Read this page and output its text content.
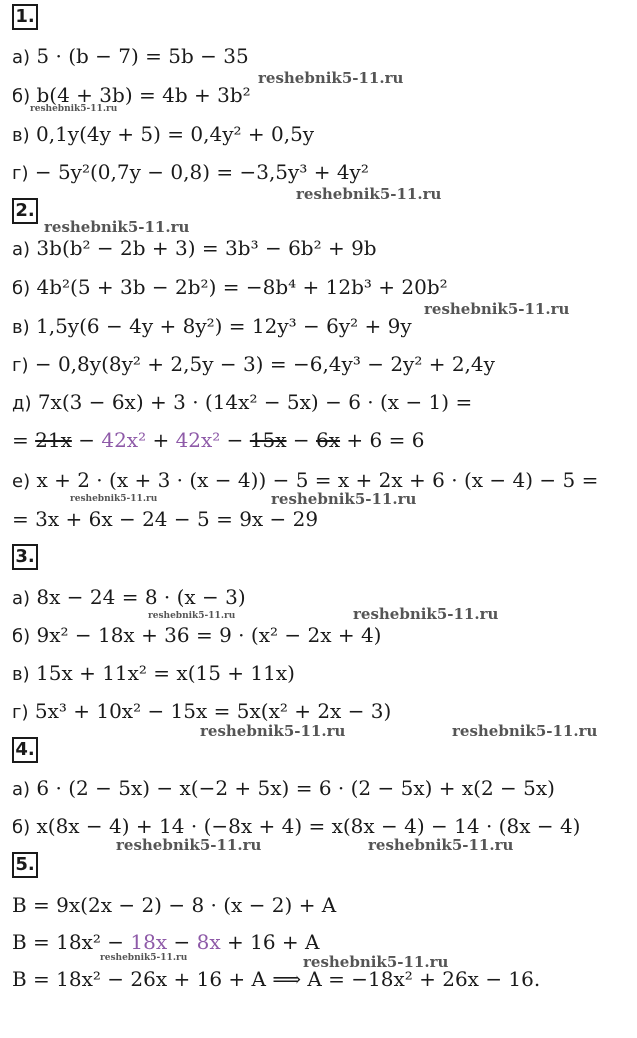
1.
а) 5 · (b − 7) = 5b − 35
б) b(4 + 3b) = 4b + 3b²
в) 0,1y(4y + 5) = 0,4y² + 0,5y
г) − 5y²(0,7y − 0,8) = −3,5y³ + 4y²
2.
а) 3b(b² − 2b + 3) = 3b³ − 6b² + 9b
б) 4b²(5 + 3b − 2b²) = −8b⁴ + 12b³ + 20b²
в) 1,5y(6 − 4y + 8y²) = 12y³ − 6y² + 9y
г) − 0,8y(8y² + 2,5y − 3) = −6,4y³ − 2y² + 2,4y
д) 7x(3 − 6x) + 3 · (14x² − 5x) − 6 · (x − 1) =
= 21x − 42x² + 42x² − 15x − 6x + 6 = 6
е) x + 2 · (x + 3 · (x − 4)) − 5 = x + 2x + 6 · (x − 4) − 5 =
= 3x + 6x − 24 − 5 = 9x − 29
3.
а) 8x − 24 = 8 · (x − 3)
б) 9x² − 18x + 36 = 9 · (x² − 2x + 4)
в) 15x + 11x² = x(15 + 11x)
г) 5x³ + 10x² − 15x = 5x(x² + 2x − 3)
4.
а) 6 · (2 − 5x) − x(−2 + 5x) = 6 · (2 − 5x) + x(2 − 5x)
б) x(8x − 4) + 14 · (−8x + 4) = x(8x − 4) − 14 · (8x − 4)
5.
B = 9x(2x − 2) − 8 · (x − 2) + A
B = 18x² − 18x − 8x + 16 + A
B = 18x² − 26x + 16 + A ⟹ A = −18x² + 26x − 16.
reshebnik5-11.ru
reshebnik5-11.ru
reshebnik5-11.ru
reshebnik5-11.ru
reshebnik5-11.ru
reshebnik5-11.ru	reshebnik5-11.ru
reshebnik5-11.ru	reshebnik5-11.ru
reshebnik5-11.ru	reshebnik5-11.ru
reshebnik5-11.ru	reshebnik5-11.ru
reshebnik5-11.ru	reshebnik5-11.ru
